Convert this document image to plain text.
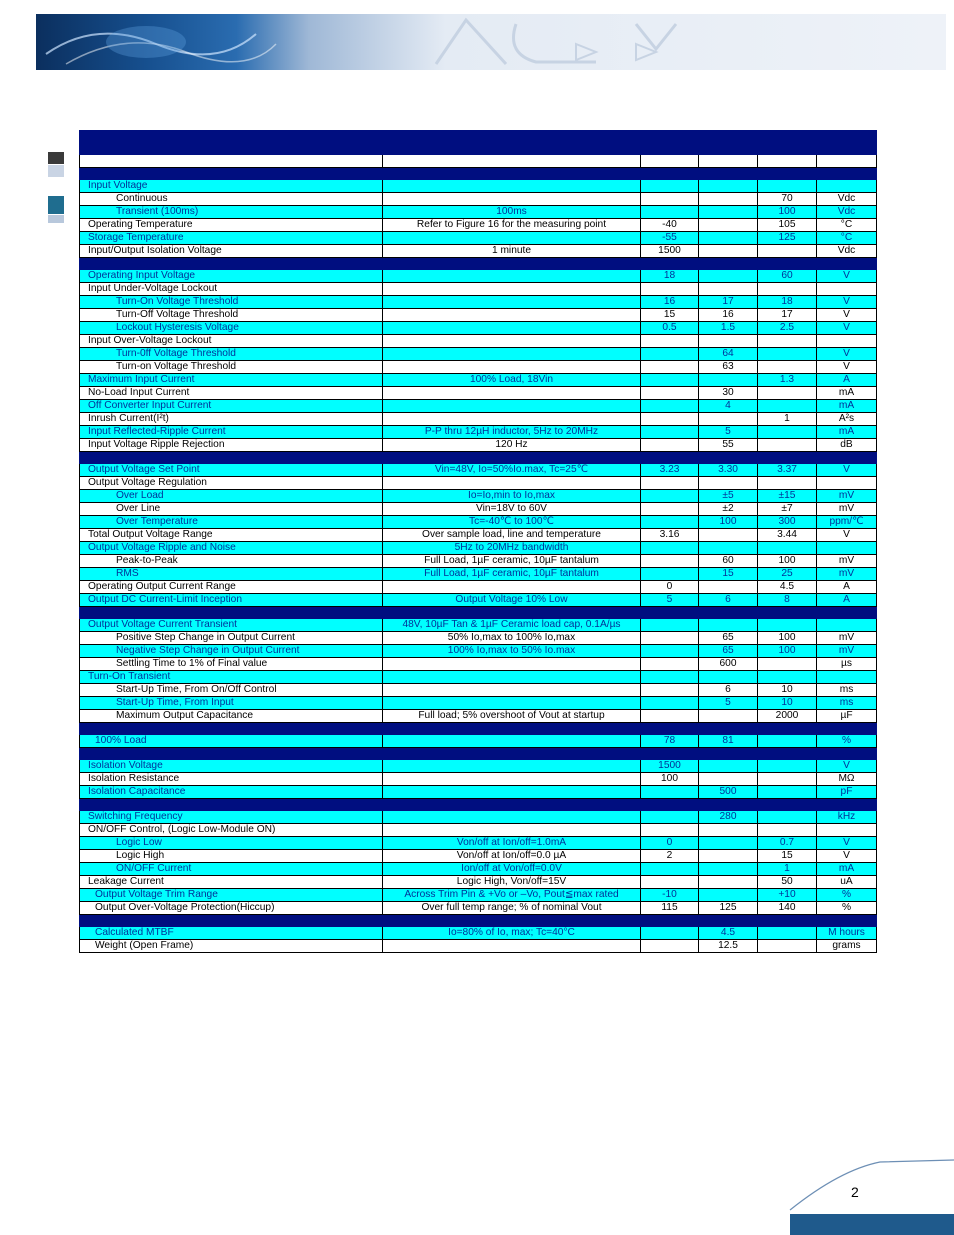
Input Voltage					
Continuous				70	Vdc
Transient (100ms)	100ms			100	Vdc
Operating Temperature	Refer to Figure 16 for the measuring point	-40		105	°C
Storage Temperature		-55		125	°C
Input/Output Isolation Voltage	1 minute	1500			Vdc

Operating Input Voltage		18		60	V
Input Under-Voltage Lockout					
Turn-On Voltage Threshold		16	17	18	V
Turn-Off Voltage Threshold		15	16	17	V
Lockout Hysteresis Voltage		0.5	1.5	2.5	V
Input Over-Voltage Lockout					
Turn-0ff Voltage Threshold			64		V
Turn-on Voltage Threshold			63		V
Maximum Input Current	100% Load, 18Vin			1.3	A
No-Load Input Current			30		mA
Off Converter Input Current			4		mA
Inrush Current(I²t)				1	A²s
Input Reflected-Ripple Current	P-P thru 12µH inductor, 5Hz to 20MHz		5		mA
Input Voltage Ripple Rejection	120 Hz		55		dB

Output Voltage Set Point	Vin=48V, Io=50%Io.max, Tc=25℃	3.23	3.30	3.37	V
Output Voltage Regulation					
Over Load	Io=Io,min to Io,max		±5	±15	mV
Over Line	Vin=18V to 60V		±2	±7	mV
Over Temperature	Tc=-40℃ to 100℃		100	300	ppm/℃
Total Output Voltage Range	Over sample load, line and temperature	3.16		3.44	V
Output Voltage Ripple and Noise	5Hz to 20MHz bandwidth				
Peak-to-Peak	Full Load, 1µF ceramic, 10µF tantalum		60	100	mV
RMS	Full Load, 1µF ceramic, 10µF tantalum		15	25	mV
Operating Output Current Range		0		4.5	A
Output DC Current-Limit Inception	Output Voltage 10% Low	5	6	8	A

Output Voltage Current Transient	48V, 10µF Tan & 1µF Ceramic load cap, 0.1A/µs				
Positive Step Change in Output Current	50% Io,max to 100% Io,max		65	100	mV
Negative Step Change in Output Current	100% Io,max to 50% Io.max		65	100	mV
Settling Time to 1% of Final value			600		µs
Turn-On Transient					
Start-Up Time, From On/Off Control			6	10	ms
Start-Up Time, From Input			5	10	ms
Maximum Output Capacitance	Full load; 5% overshoot of Vout at startup			2000	µF

100% Load		78	81		%

Isolation Voltage		1500			V
Isolation Resistance		100			MΩ
Isolation Capacitance			500		pF

Switching Frequency			280		kHz
ON/OFF Control, (Logic Low-Module ON)					
Logic Low	Von/off at Ion/off=1.0mA	0		0.7	V
Logic High	Von/off at Ion/off=0.0 µA	2		15	V
ON/OFF Current	Ion/off at Von/off=0.0V			1	mA
Leakage Current	Logic High, Von/off=15V			50	uA
Output Voltage Trim Range	Across Trim Pin & +Vo or –Vo, Pout≦max rated	-10		+10	%
Output Over-Voltage Protection(Hiccup)	Over full temp range; % of nominal Vout	115	125	140	%

Calculated MTBF	Io=80% of Io, max; Tc=40°C		4.5		M hours
Weight (Open Frame)			12.5		grams
2
